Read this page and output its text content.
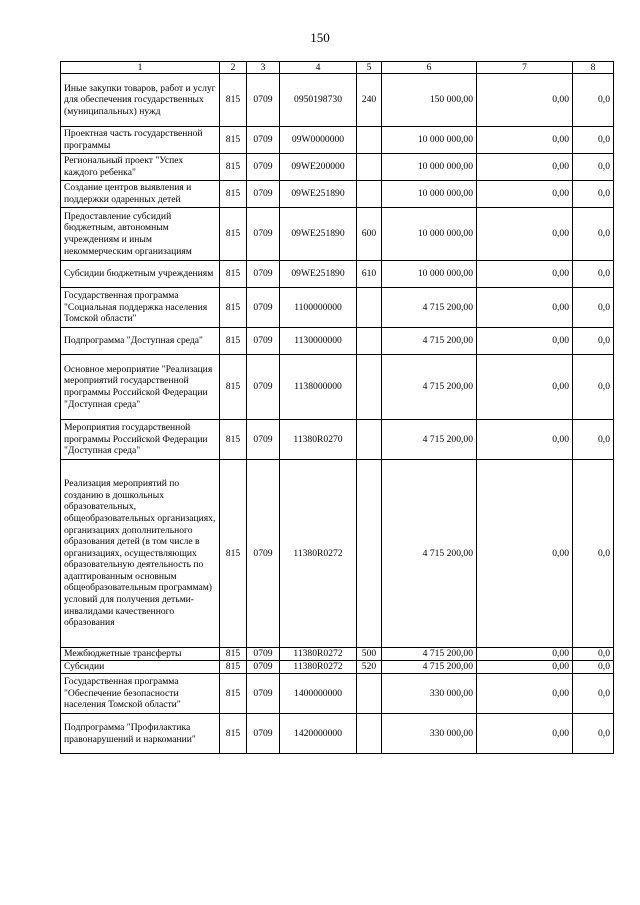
150
1	2	3	4	5	6	7	8
Иные закупки товаров, работ и услуг для обеспечения государственных (муниципальных) нужд	815	0709	0950198730	240	150 000,00	0,00	0,0
Проектная часть государственной программы	815	0709	09W0000000		10 000 000,00	0,00	0,0
Региональный проект "Успех каждого ребенка"	815	0709	09WE200000		10 000 000,00	0,00	0,0
Создание центров выявления и поддержки одаренных детей	815	0709	09WE251890		10 000 000,00	0,00	0,0
Предоставление субсидий бюджетным, автономным учреждениям и иным некоммерческим организациям	815	0709	09WE251890	600	10 000 000,00	0,00	0,0
Субсидии бюджетным учреждениям	815	0709	09WE251890	610	10 000 000,00	0,00	0,0
Государственная программа "Социальная поддержка населения Томской области"	815	0709	1100000000		4 715 200,00	0,00	0,0
Подпрограмма "Доступная среда"	815	0709	1130000000		4 715 200,00	0,00	0,0
Основное мероприятие "Реализация мероприятий государственной программы Российской Федерации "Доступная среда"	815	0709	1138000000		4 715 200,00	0,00	0,0
Мероприятия государственной программы Российской Федерации "Доступная среда"	815	0709	11380R0270		4 715 200,00	0,00	0,0
Реализация мероприятий по созданию в дошкольных образовательных, общеобразовательных организациях, организациях дополнительного образования детей (в том числе в организациях, осуществляющих образовательную деятельность по адаптированным основным общеобразовательным программам) условий для получения детьми-инвалидами качественного образования	815	0709	11380R0272		4 715 200,00	0,00	0,0
Межбюджетные трансферты	815	0709	11380R0272	500	4 715 200,00	0,00	0,0
Субсидии	815	0709	11380R0272	520	4 715 200,00	0,00	0,0
Государственная программа "Обеспечение безопасности населения Томской области"	815	0709	1400000000		330 000,00	0,00	0,0
Подпрограмма "Профилактика правонарушений и наркомании"	815	0709	1420000000		330 000,00	0,00	0,0
